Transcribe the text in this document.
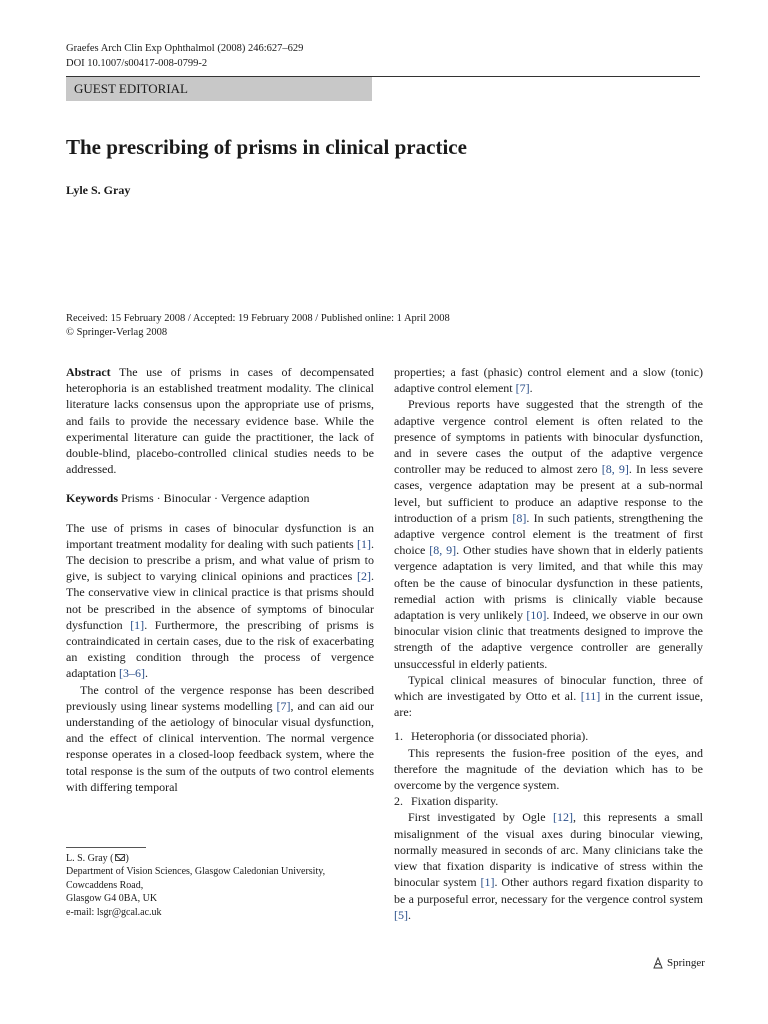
Graefes Arch Clin Exp Ophthalmol (2008) 246:627–629
DOI 10.1007/s00417-008-0799-2
GUEST EDITORIAL
The prescribing of prisms in clinical practice
Lyle S. Gray
Received: 15 February 2008 / Accepted: 19 February 2008 / Published online: 1 April 2008
© Springer-Verlag 2008

Abstract The use of prisms in cases of decompensated heterophoria is an established treatment modality. The clinical literature lacks consensus upon the appropriate use of prisms, and fails to provide the necessary evidence base. While the experimental literature can guide the practitioner, the lack of double-blind, placebo-controlled clinical studies needs to be addressed.

Keywords Prisms · Binocular · Vergence adaption

The use of prisms in cases of binocular dysfunction is an important treatment modality for dealing with such patients [1]. The decision to prescribe a prism, and what value of prism to give, is subject to varying clinical opinions and practices [2]. The conservative view in clinical practice is that prisms should not be prescribed in the absence of symptoms of binocular dysfunction [1]. Furthermore, the prescribing of prisms is contraindicated in certain cases, due to the risk of exacerbating an existing condition through the process of vergence adaptation [3–6].

The control of the vergence response has been described previously using linear systems modelling [7], and can aid our understanding of the aetiology of binocular visual dysfunction, and the effect of clinical intervention. The normal vergence response operates in a closed-loop feedback system, where the total response is the sum of the outputs of two control elements with differing temporal

properties; a fast (phasic) control element and a slow (tonic) adaptive control element [7].

Previous reports have suggested that the strength of the adaptive vergence control element is often related to the presence of symptoms in patients with binocular dysfunction, and in severe cases the output of the adaptive vergence controller may be reduced to almost zero [8, 9]. In less severe cases, vergence adaptation may be present at a sub-normal level, but sufficient to produce an adaptive response to the introduction of a prism [8]. In such patients, strengthening the adaptive vergence control element is the treatment of first choice [8, 9]. Other studies have shown that in elderly patients vergence adaptation is very limited, and that while this may often be the cause of binocular dysfunction in these patients, remedial action with prisms is clinically viable because adaptation is very unlikely [10]. Indeed, we observe in our own binocular vision clinic that treatments designed to improve the strength of the adaptive vergence controller are generally unsuccessful in elderly patients.

Typical clinical measures of binocular function, three of which are investigated by Otto et al. [11] in the current issue, are:

1. Heterophoria (or dissociated phoria).

This represents the fusion-free position of the eyes, and therefore the magnitude of the deviation which has to be overcome by the vergence system.

2. Fixation disparity.

First investigated by Ogle [12], this represents a small misalignment of the visual axes during binocular viewing, normally measured in seconds of arc. Many clinicians take the view that fixation disparity is indicative of stress within the binocular system [1]. Other authors regard fixation disparity to be a purposeful error, necessary for the vergence control system [5].

L. S. Gray ( )
Department of Vision Sciences, Glasgow Caledonian University,
Cowcaddens Road,
Glasgow G4 0BA, UK
e-mail: lsgr@gcal.ac.uk
Springer
